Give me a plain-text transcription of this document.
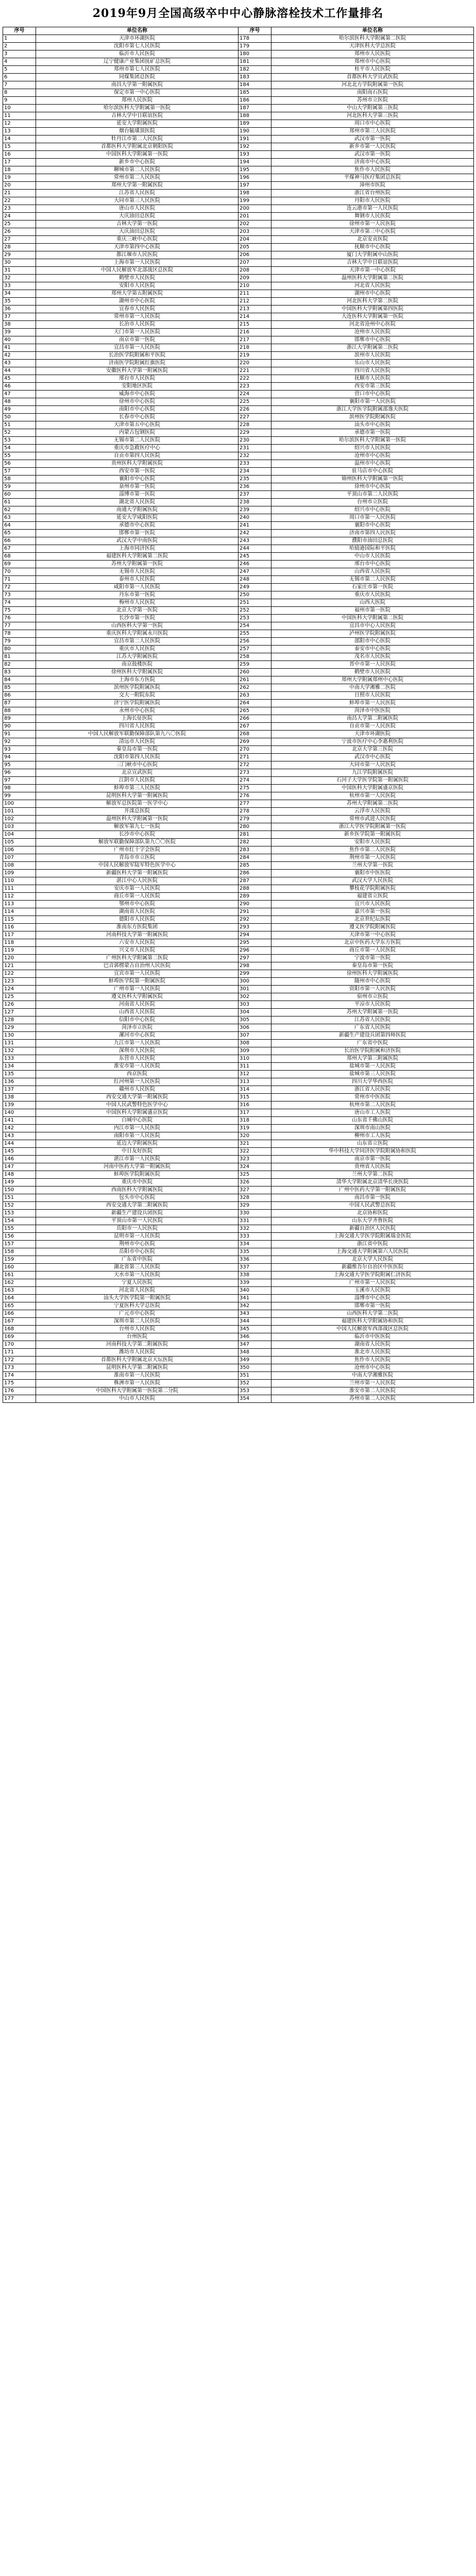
2019年9月全国高级卒中中心静脉溶栓技术工作量排名
序号	单位名称	序号	单位名称
1	天津市环湖医院	178	哈尔滨医科大学附属第二医院
2	沈阳市第七人民医院	179	天津医科大学总医院
3	临沂市人民医院	180	郑州市人民医院
4	辽宁健康产业集团抚矿总医院	181	郑州市中心医院
5	郑州市第七人民医院	182	桂平市人民医院
6	同煤集团总医院	183	首都医科大学宣武医院
7	南昌大学第一附属医院	184	河北北方学院附属第一医院
8	保定市第一中心医院	185	南阳南石医院
9	郑州人民医院	186	苏州市立医院
10	哈尔滨医科大学附属第一医院	187	中山大学附属第三医院
11	吉林大学中日联谊医院	188	河北医科大学第三医院
12	延安大学附属医院	189	周口市中心医院
13	烟台毓璜顶医院	190	郑州市第三人民医院
14	牡丹江市第二人民医院	191	武汉市第一医院
15	首都医科大学附属北京朝阳医院	192	新乡市第一人民医院
16	中国医科大学附属第一医院	193	武汉市第一医院
17	新乡市中心医院	194	济南市中心医院
18	聊城市第二人民医院	195	焦作市人民医院
19	常州市第二人民医院	196	平煤神马医疗集团总医院
20	郑州大学第一附属医院	197	漳州市医院
21	江苏省人民医院	198	浙江省台州医院
22	大同市第三人民医院	199	丹阳市人民医院
23	唐山市人民医院	200	连云港市第一人民医院
24	大庆油田总医院	201	舞钢市人民医院
25	吉林大学第一医院	202	徐州市第一人民医院
26	大庆油田总医院	203	天津市第三中心医院
27	重庆三峡中心医院	204	北京安贞医院
28	天津市第四中心医院	205	抚顺市中心医院
29	都江堰市人民医院	206	厦门大学附属中山医院
30	上海市第一人民医院	207	吉林大学中日联谊医院
31	中国人民解放军北部战区总医院	208	天津市第一中心医院
32	鹤壁市人民医院	209	温州医科大学附属第二医院
33	安阳市人民医院	210	河北省人民医院
34	郑州大学第五附属医院	211	湖州市中心医院
35	湖州市中心医院	212	河北医科大学第二医院
36	宜春市人民医院	213	中国医科大学附属第四医院
37	常州市第一人民医院	214	大连医科大学附属第一医院
38	长治市人民医院	215	河北省沧州中心医院
39	天门市第一人民医院	216	沧州市人民医院
40	南京市第一医院	217	邯郸市中心医院
41	宜昌市第一人民医院	218	浙江大学附属第二医院
42	长治医学院附属和平医院	219	滨州市人民医院
43	济南医学院附属红旗医院	220	乐山市人民医院
44	安徽医科大学第一附属医院	221	四川省人民医院
45	邢台市人民医院	222	抚顺市人民医院
46	安阳地区医院	223	西安市第三医院
47	威海市中心医院	224	营口市中心医院
48	徐州市中心医院	225	襄阳市第一人民医院
49	南阳市中心医院	226	浙江大学医学院附属邵逸夫医院
50	长春市中心医院	227	滨州医学院附属医院
51	天津市第五中心医院	228	汕头市中心医院
52	内蒙古包钢医院	229	承德市第一医院
53	无锡市第二人民医院	230	哈尔滨医科大学附属第一医院
54	重庆市急救医疗中心	231	绍兴市人民医院
55	自贡市第四人民医院	232	沧州市中心医院
56	贵州医科大学附属医院	233	温州市中心医院
57	西安市第一医院	234	驻马店市中心医院
58	襄阳市中心医院	235	锦州医科大学附属第一医院
59	泉州市第一医院	236	徐州市中心医院
60	淄博市第一医院	237	平顶山市第二人民医院
61	湖北省人民医院	238	台州市立医院
62	南通大学附属医院	239	绍兴市中心医院
63	延安大学咸阳医院	240	周口市第一人民医院
64	承德市中心医院	241	襄阳市中心医院
65	邯郸市第一医院	242	济南市第四人民医院
66	武汉大学中南医院	243	濮阳市油田总医院
67	上海市同济医院	244	哈励逊国际和平医院
68	福建医科大学附属第二医院	245	中山市人民医院
69	苏州大学附属第一医院	246	邢台市中心医院
70	无锡市人民医院	247	山西省人民医院
71	泰州市人民医院	248	无锡市第二人民医院
72	咸阳市第一人民医院	249	石家庄市第一医院
73	丹东市第一医院	250	重庆市人民医院
74	梅州市人民医院	251	山西大医院
75	北京大学第一医院	252	福州市第一医院
76	长沙市第一医院	253	中国医科大学附属第二医院
77	山西医科大学第一医院	254	宜昌市中心人民医院
78	重庆医科大学附属永川医院	255	泸州医学院附属医院
79	宜昌市第二人民医院	256	邵阳市中心医院
80	重庆市人民医院	257	泰安市中心医院
81	江苏大学附属医院	258	茂名市人民医院
82	南京鼓楼医院	259	晋中市第一人民医院
83	徐州医科大学附属医院	260	鹤壁市人民医院
84	上海市东方医院	261	郑州大学附属郑州中心医院
85	滨州医学院附属医院	262	中南大学湘雅二医院
86	交大一附院东院	263	日照市人民医院
87	济宁医学院附属医院	264	蚌埠市第一人民医院
88	永州市中心医院	265	菏泽市中医医院
89	上海长征医院	266	南昌大学第二附属医院
90	四川省人民医院	267	自贡市第一人民医院
91	中国人民解放军联勤保障部队第九八〇医院	268	天津市环湖医院
92	清远市人民医院	269	宁波市医疗中心李惠利医院
93	秦皇岛市第一医院	270	北京大学第三医院
94	沈阳市第四人民医院	271	武汉市中心医院
95	三门峡市中心医院	272	大同市第一人民医院
96	北京宣武医院	273	九江学院附属医院
97	江阴市人民医院	274	石河子大学医学院第一附属医院
98	蚌埠市第三人民医院	275	中国医科大学附属盛京医院
99	昆明医科大学第一附属医院	276	杭州市第一人民医院
100	解放军总医院第一医学中心	277	苏州大学附属第二医院
101	开滦总医院	278	云浮市人民医院
102	温州医科大学附属第一医院	279	常州市武进人民医院
103	解放军第九七一医院	280	浙江大学医学院附属第一医院
104	长沙市中心医院	281	新乡医学院第一附属医院
105	解放军联勤保障部队第九〇〇医院	282	安阳市人民医院
106	广州市红十字会医院	283	焦作市第二人民医院
107	青岛市市立医院	284	荆州市第一人民医院
108	中国人民解放军陆军特色医学中心	285	兰州大学第一医院
109	新疆医科大学第一附属医院	286	襄阳市中医医院
110	湛江中心人民医院	287	武汉大学人民医院
111	安庆市第一人民医院	288	攀枝花学院附属医院
112	商丘市第一人民医院	289	福建省立医院
113	鄂州市中心医院	290	宜兴市人民医院
114	湖南省人民医院	291	嘉兴市第一医院
115	德阳市人民医院	292	北京世纪坛医院
116	淮南东方医院集团	293	遵义医学院附属医院
117	河南科技大学第一附属医院	294	天津市第一中心医院
118	六安市人民医院	295	北京中医药大学东方医院
119	兴义市人民医院	296	商丘市第一人民医院
120	广州医科大学附属第二医院	297	宁波市第一医院
121	巴音郭楞蒙古自治州人民医院	298	秦皇岛市第一医院
122	宜宾市第一人民医院	299	徐州医科大学附属医院
123	蚌埠医学院第一附属医院	300	随州市中心医院
124	广州市第一人民医院	301	资阳市第一人民医院
125	遵义医科大学附属医院	302	宿州市立医院
126	河南省人民医院	303	平凉市人民医院
127	山西省人民医院	304	苏州大学附属第一医院
128	信阳市中心医院	305	江苏省人民医院
129	菏泽市立医院	306	广东省人民医院
130	漯河市中心医院	307	新疆生产建设兵团第四师医院
131	九江市第一人民医院	308	广东省中医院
132	深圳市人民医院	309	长治医学院附属和济医院
133	东营市人民医院	310	郑州大学第三附属医院
134	淮安市第一人民医院	311	盐城市第一人民医院
135	西京医院	312	盐城市第三人民医院
136	红河州第一人民医院	313	四川大学华西医院
137	赣州市人民医院	314	浙江省人民医院
138	西安交通大学第一附属医院	315	常州市中医医院
139	中国人民武警特色医学中心	316	杭州市第二人民医院
140	中国医科大学附属盛京医院	317	唐山市工人医院
141	白城中心医院	318	山东省千佛山医院
142	内江市第一人民医院	319	深圳市南山医院
143	南阳市第一人民医院	320	柳州市工人医院
144	延边大学附属医院	321	山东省立医院
145	中日友好医院	322	华中科技大学同济医学院附属协和医院
146	湛江市第一人民医院	323	南京市第一医院
147	河南中医药大学第一附属医院	324	贵州省人民医院
148	蚌埠医学院附属医院	325	兰州大学第二医院
149	重庆市中医院	326	清华大学附属北京清华长庚医院
150	西南医科大学附属医院	327	广州中医药大学第一附属医院
151	包头市中心医院	328	南昌市第一医院
152	西安交通大学第二附属医院	329	中国人民武警总医院
153	新疆生产建设兵团医院	330	北京协和医院
154	平顶山市第一人民医院	331	山东大学齐鲁医院
155	岳阳市一人民医院	332	新疆自治区人民医院
156	昆明市第一人民医院	333	上海交通大学医学院附属瑞金医院
157	荆州市中心医院	334	浙江省中医院
158	岳阳市中心医院	335	上海交通大学附属第六人民医院
159	广东省中医院	336	北京大学人民医院
160	湖北省第三人民医院	337	新疆维吾尔自治区中医医院
161	天水市第一人民医院	338	上海交通大学医学院附属仁济医院
162	宁夏人民医院	339	广州市第一人民医院
163	河北省人民医院	340	玉溪市人民医院
164	汕头大学医学院第一附属医院	341	淄博市中心医院
165	宁夏医科大学总医院	342	邯郸市第一医院
166	广元市中心医院	343	山西医科大学第二医院
167	深圳市第二人民医院	344	福建医科大学附属协和医院
168	台州市人民医院	345	中国人民解放军西部战区总医院
169	台州医院	346	临沂市中医医院
170	河南科技大学第二附属医院	347	湖南省人民医院
171	潍坊市人民医院	348	淮北市人民医院
172	首都医科大学附属北京天坛医院	349	焦作市人民医院
173	昆明医科大学第二附属医院	350	沧州市中心医院
174	淮南市第一人民医院	351	中南大学湘雅医院
175	株洲市第一人民医院	352	兰州市第一人民医院
176	中国医科大学附属第一医院第二分院	353	淮安市第二人民医院
177	中山市人民医院	354	苏州市第二人民医院
